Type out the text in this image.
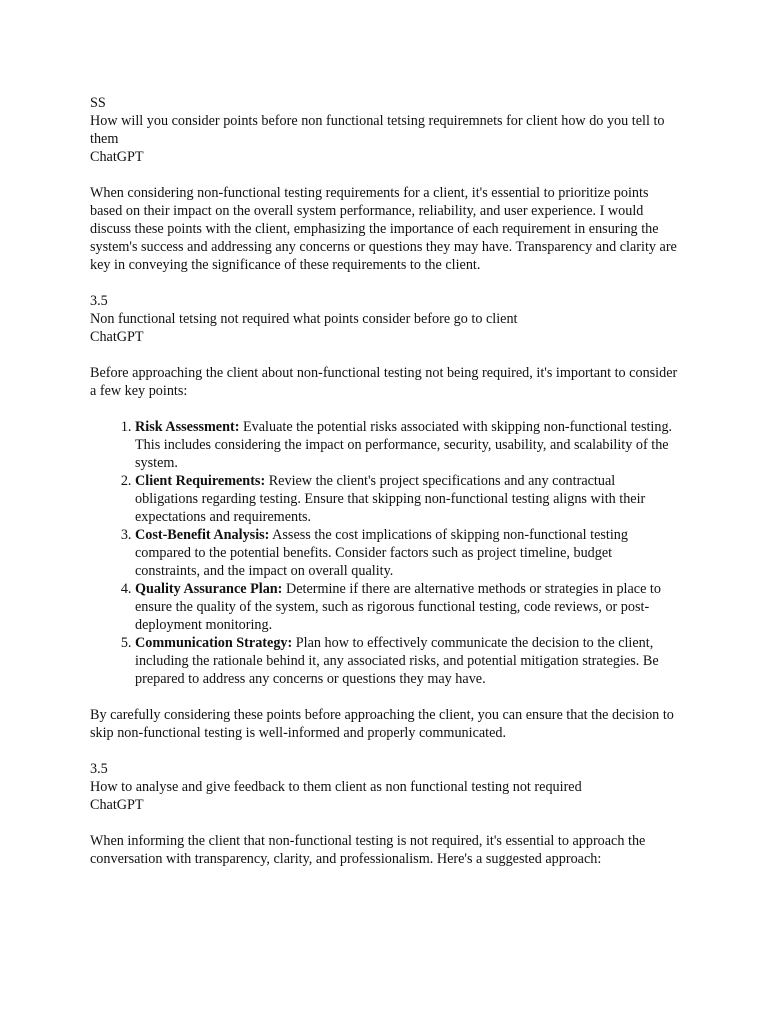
SS

How will you consider points before non functional tetsing requiremnets for client how do you tell to them

ChatGPT

When considering non-functional testing requirements for a client, it's essential to prioritize points based on their impact on the overall system performance, reliability, and user experience. I would discuss these points with the client, emphasizing the importance of each requirement in ensuring the system's success and addressing any concerns or questions they may have. Transparency and clarity are key in conveying the significance of these requirements to the client.

3.5

Non functional tetsing not required what points consider before go to client

ChatGPT

Before approaching the client about non-functional testing not being required, it's important to consider a few key points:

1. Risk Assessment: Evaluate the potential risks associated with skipping non-functional testing. This includes considering the impact on performance, security, usability, and scalability of the system.
2. Client Requirements: Review the client's project specifications and any contractual obligations regarding testing. Ensure that skipping non-functional testing aligns with their expectations and requirements.
3. Cost-Benefit Analysis: Assess the cost implications of skipping non-functional testing compared to the potential benefits. Consider factors such as project timeline, budget constraints, and the impact on overall quality.
4. Quality Assurance Plan: Determine if there are alternative methods or strategies in place to ensure the quality of the system, such as rigorous functional testing, code reviews, or post-deployment monitoring.
5. Communication Strategy: Plan how to effectively communicate the decision to the client, including the rationale behind it, any associated risks, and potential mitigation strategies. Be prepared to address any concerns or questions they may have.

By carefully considering these points before approaching the client, you can ensure that the decision to skip non-functional testing is well-informed and properly communicated.

3.5

How to analyse and give feedback to them client as non functional testing not required

ChatGPT

When informing the client that non-functional testing is not required, it's essential to approach the conversation with transparency, clarity, and professionalism. Here's a suggested approach:
